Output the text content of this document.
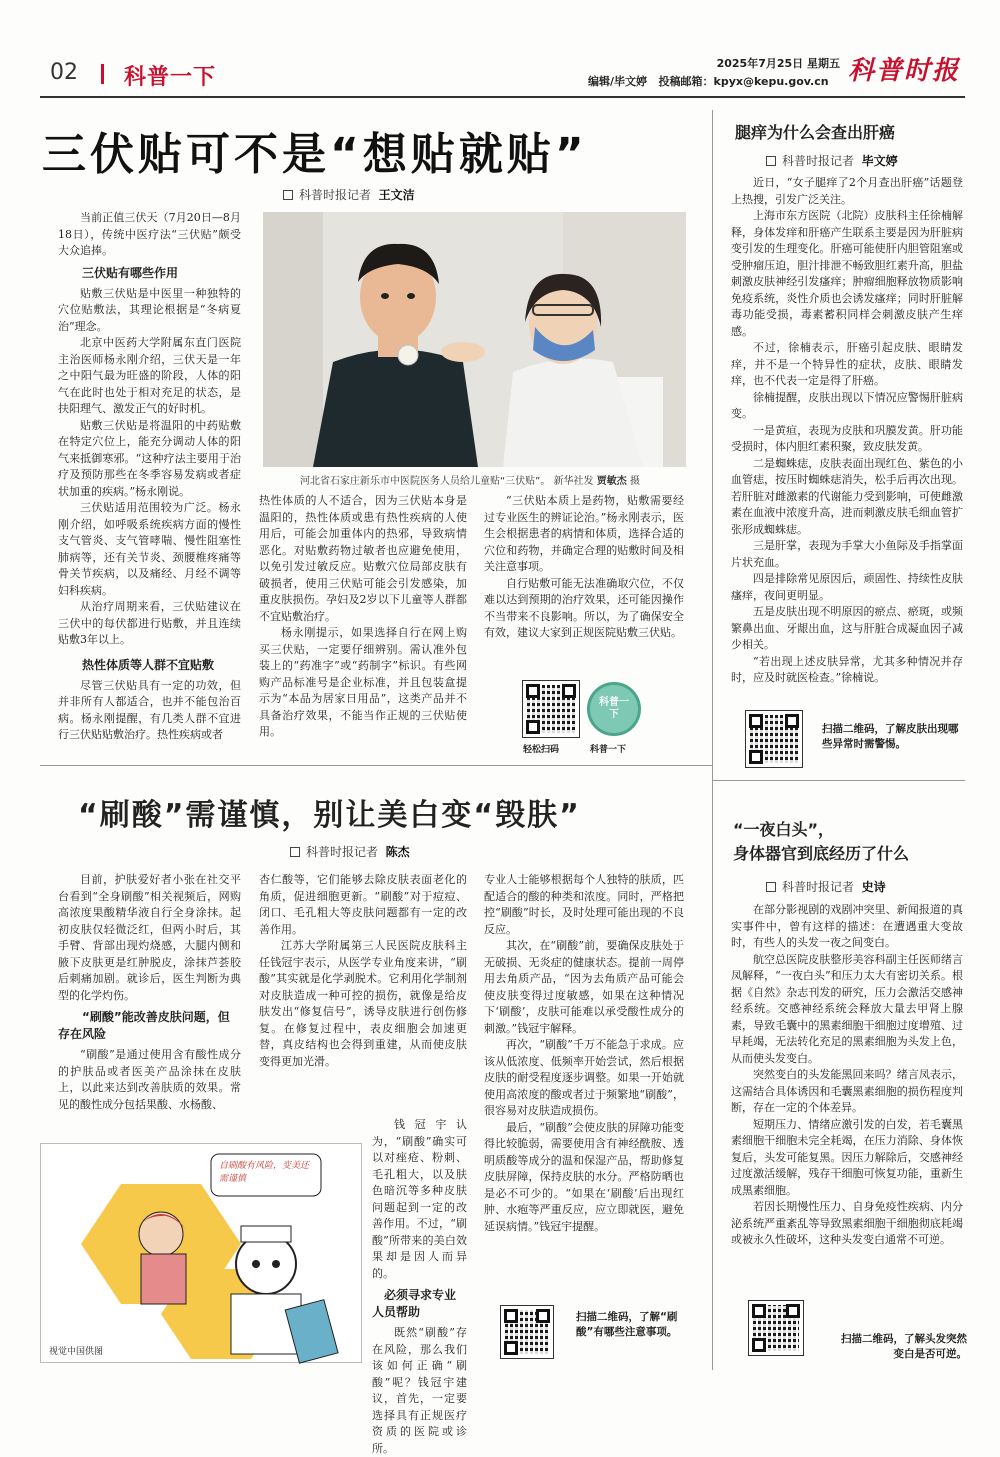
02 科普一下
2025年7月25日 星期五
编辑/毕文婷 投稿邮箱：kpyx@kepu.gov.cn 科普时报
三伏贴可不是“想贴就贴”
科普时报记者 王文洁

当前正值三伏天（7月20日—8月18日），传统中医疗法“三伏贴”颇受大众追捧。

三伏贴有哪些作用

贴敷三伏贴是中医里一种独特的穴位贴敷法，其理论根据是“冬病夏治”理念。

北京中医药大学附属东直门医院主治医师杨永刚介绍，三伏天是一年之中阳气最为旺盛的阶段，人体的阳气在此时也处于相对充足的状态，是扶阳理气、激发正气的好时机。

贴敷三伏贴是将温阳的中药贴敷在特定穴位上，能充分调动人体的阳气来抵御寒邪。“这种疗法主要用于治疗及预防那些在冬季容易发病或者症状加重的疾病。”杨永刚说。

三伏贴适用范围较为广泛。杨永刚介绍，如呼吸系统疾病方面的慢性支气管炎、支气管哮喘、慢性阻塞性肺病等，还有关节炎、颈腰椎疼痛等骨关节疾病，以及痛经、月经不调等妇科疾病。

从治疗周期来看，三伏贴建议在三伏中的每伏都进行贴敷，并且连续贴敷3年以上。

热性体质等人群不宜贴敷

尽管三伏贴具有一定的功效，但并非所有人都适合，也并不能包治百病。杨永刚提醒，有几类人群不宜进行三伏贴贴敷治疗。热性疾病或者

河北省石家庄新乐市中医院医务人员给儿童贴“三伏贴”。 新华社发 贾敏杰 摄

热性体质的人不适合，因为三伏贴本身是温阳的，热性体质或患有热性疾病的人使用后，可能会加重体内的热邪，导致病情恶化。对贴敷药物过敏者也应避免使用，以免引发过敏反应。贴敷穴位局部皮肤有破损者，使用三伏贴可能会引发感染，加重皮肤损伤。孕妇及2岁以下儿童等人群都不宜贴敷治疗。

杨永刚提示，如果选择自行在网上购买三伏贴，一定要仔细辨别。需认准外包装上的“药准字”或“药制字”标识。有些网购产品标准号是企业标准，并且包装盒提示为“本品为居家日用品”，这类产品并不具备治疗效果，不能当作正规的三伏贴使用。

“三伏贴本质上是药物，贴敷需要经过专业医生的辨证论治。”杨永刚表示，医生会根据患者的病情和体质，选择合适的穴位和药物，并确定合理的贴敷时间及相关注意事项。

自行贴敷可能无法准确取穴位，不仅难以达到预期的治疗效果，还可能因操作不当带来不良影响。所以，为了确保安全有效，建议大家到正规医院贴敷三伏贴。

科普一下
轻松扫码	科普一下
腿痒为什么会查出肝癌
科普时报记者 毕文婷

近日，“女子腿痒了2个月查出肝癌”话题登上热搜，引发广泛关注。

上海市东方医院（北院）皮肤科主任徐楠解释，身体发痒和肝癌产生联系主要是因为肝脏病变引发的生理变化。肝癌可能使肝内胆管阻塞或受肿瘤压迫，胆汁排泄不畅致胆红素升高，胆盐刺激皮肤神经引发瘙痒；肿瘤细胞释放物质影响免疫系统，炎性介质也会诱发瘙痒；同时肝脏解毒功能受损，毒素蓄积同样会刺激皮肤产生痒感。

不过，徐楠表示，肝癌引起皮肤、眼睛发痒，并不是一个特异性的症状，皮肤、眼睛发痒，也不代表一定是得了肝癌。

徐楠提醒，皮肤出现以下情况应警惕肝脏病变。

一是黄疸，表现为皮肤和巩膜发黄。肝功能受损时，体内胆红素积聚，致皮肤发黄。

二是蜘蛛痣，皮肤表面出现红色、紫色的小血管痣，按压时蜘蛛痣消失，松手后再次出现。若肝脏对雌激素的代谢能力受到影响，可使雌激素在血液中浓度升高，进而刺激皮肤毛细血管扩张形成蜘蛛痣。

三是肝掌，表现为手掌大小鱼际及手指掌面片状充血。

四是排除常见原因后，顽固性、持续性皮肤瘙痒，夜间更明显。

五是皮肤出现不明原因的瘀点、瘀斑，或频繁鼻出血、牙龈出血，这与肝脏合成凝血因子减少相关。

“若出现上述皮肤异常，尤其多种情况并存时，应及时就医检查。”徐楠说。

扫描二维码，了解皮肤出现哪些异常时需警惕。
“刷酸”需谨慎，别让美白变“毁肤”
科普时报记者 陈杰

目前，护肤爱好者小张在社交平台看到“全身刷酸”相关视频后，网购高浓度果酸精华液自行全身涂抹。起初皮肤仅轻微泛红，但两小时后，其手臂、背部出现灼烧感，大腿内侧和腋下皮肤更是红肿脱皮，涂抹芦荟胶后刺痛加剧。就诊后，医生判断为典型的化学灼伤。

“刷酸”能改善皮肤问题，但存在风险

“刷酸”是通过使用含有酸性成分的护肤品或者医美产品涂抹在皮肤上，以此来达到改善肤质的效果。常见的酸性成分包括果酸、水杨酸、

杏仁酸等，它们能够去除皮肤表面老化的角质，促进细胞更新。“刷酸”对于痘痘、闭口、毛孔粗大等皮肤问题都有一定的改善作用。

江苏大学附属第三人民医院皮肤科主任钱冠宇表示，从医学专业角度来讲，“刷酸”其实就是化学剥脱术。它利用化学制剂对皮肤造成一种可控的损伤，就像是给皮肤发出“修复信号”，诱导皮肤进行创伤修复。在修复过程中，表皮细胞会加速更替，真皮结构也会得到重建，从而使皮肤变得更加光滑。

钱冠宇认为，“刷酸”确实可以对痤疮、粉刺、毛孔粗大，以及肤色暗沉等多种皮肤问题起到一定的改善作用。不过，“刷酸”所带来的美白效果却是因人而异的。

必须寻求专业人员帮助

既然“刷酸”存在风险，那么我们该如何正确“刷酸”呢？钱冠宇建议，首先，一定要选择具有正规医疗资质的医院或诊所。

专业人士能够根据每个人独特的肤质，匹配适合的酸的种类和浓度。同时，严格把控“刷酸”时长，及时处理可能出现的不良反应。

其次，在“刷酸”前，要确保皮肤处于无破损、无炎症的健康状态。提前一周停用去角质产品，“因为去角质产品可能会使皮肤变得过度敏感，如果在这种情况下‘刷酸’，皮肤可能难以承受酸性成分的刺激。”钱冠宇解释。

再次，“刷酸”千万不能急于求成。应该从低浓度、低频率开始尝试，然后根据皮肤的耐受程度逐步调整。如果一开始就使用高浓度的酸或者过于频繁地“刷酸”，很容易对皮肤造成损伤。

最后，“刷酸”会使皮肤的屏障功能变得比较脆弱，需要使用含有神经酰胺、透明质酸等成分的温和保湿产品，帮助修复皮肤屏障，保持皮肤的水分。严格防晒也是必不可少的。“如果在‘刷酸’后出现红肿、水疱等严重反应，应立即就医，避免延误病情。”钱冠宇提醒。

自刷酸有风险，变美还需谨慎
视觉中国供图
扫描二维码，了解“刷酸”有哪些注意事项。
“一夜白头”，
身体器官到底经历了什么
科普时报记者 史诗

在部分影视剧的戏剧冲突里、新闻报道的真实事件中，曾有这样的描述：在遭遇重大变故时，有些人的头发一夜之间变白。

航空总医院皮肤整形美容科副主任医师绪言凤解释，“一夜白头”和压力太大有密切关系。根据《自然》杂志刊发的研究，压力会激活交感神经系统。交感神经系统会释放大量去甲肾上腺素，导致毛囊中的黑素细胞干细胞过度增殖、过早耗竭，无法转化充足的黑素细胞为头发上色，从而使头发变白。

突然变白的头发能黑回来吗？绪言凤表示，这需结合具体诱因和毛囊黑素细胞的损伤程度判断，存在一定的个体差异。

短期压力、情绪应激引发的白发，若毛囊黑素细胞干细胞未完全耗竭，在压力消除、身体恢复后，头发可能复黑。因压力解除后，交感神经过度激活缓解，残存干细胞可恢复功能，重新生成黑素细胞。

若因长期慢性压力、自身免疫性疾病、内分泌系统严重紊乱等导致黑素细胞干细胞彻底耗竭或被永久性破坏，这种头发变白通常不可逆。

扫描二维码，了解头发突然变白是否可逆。
